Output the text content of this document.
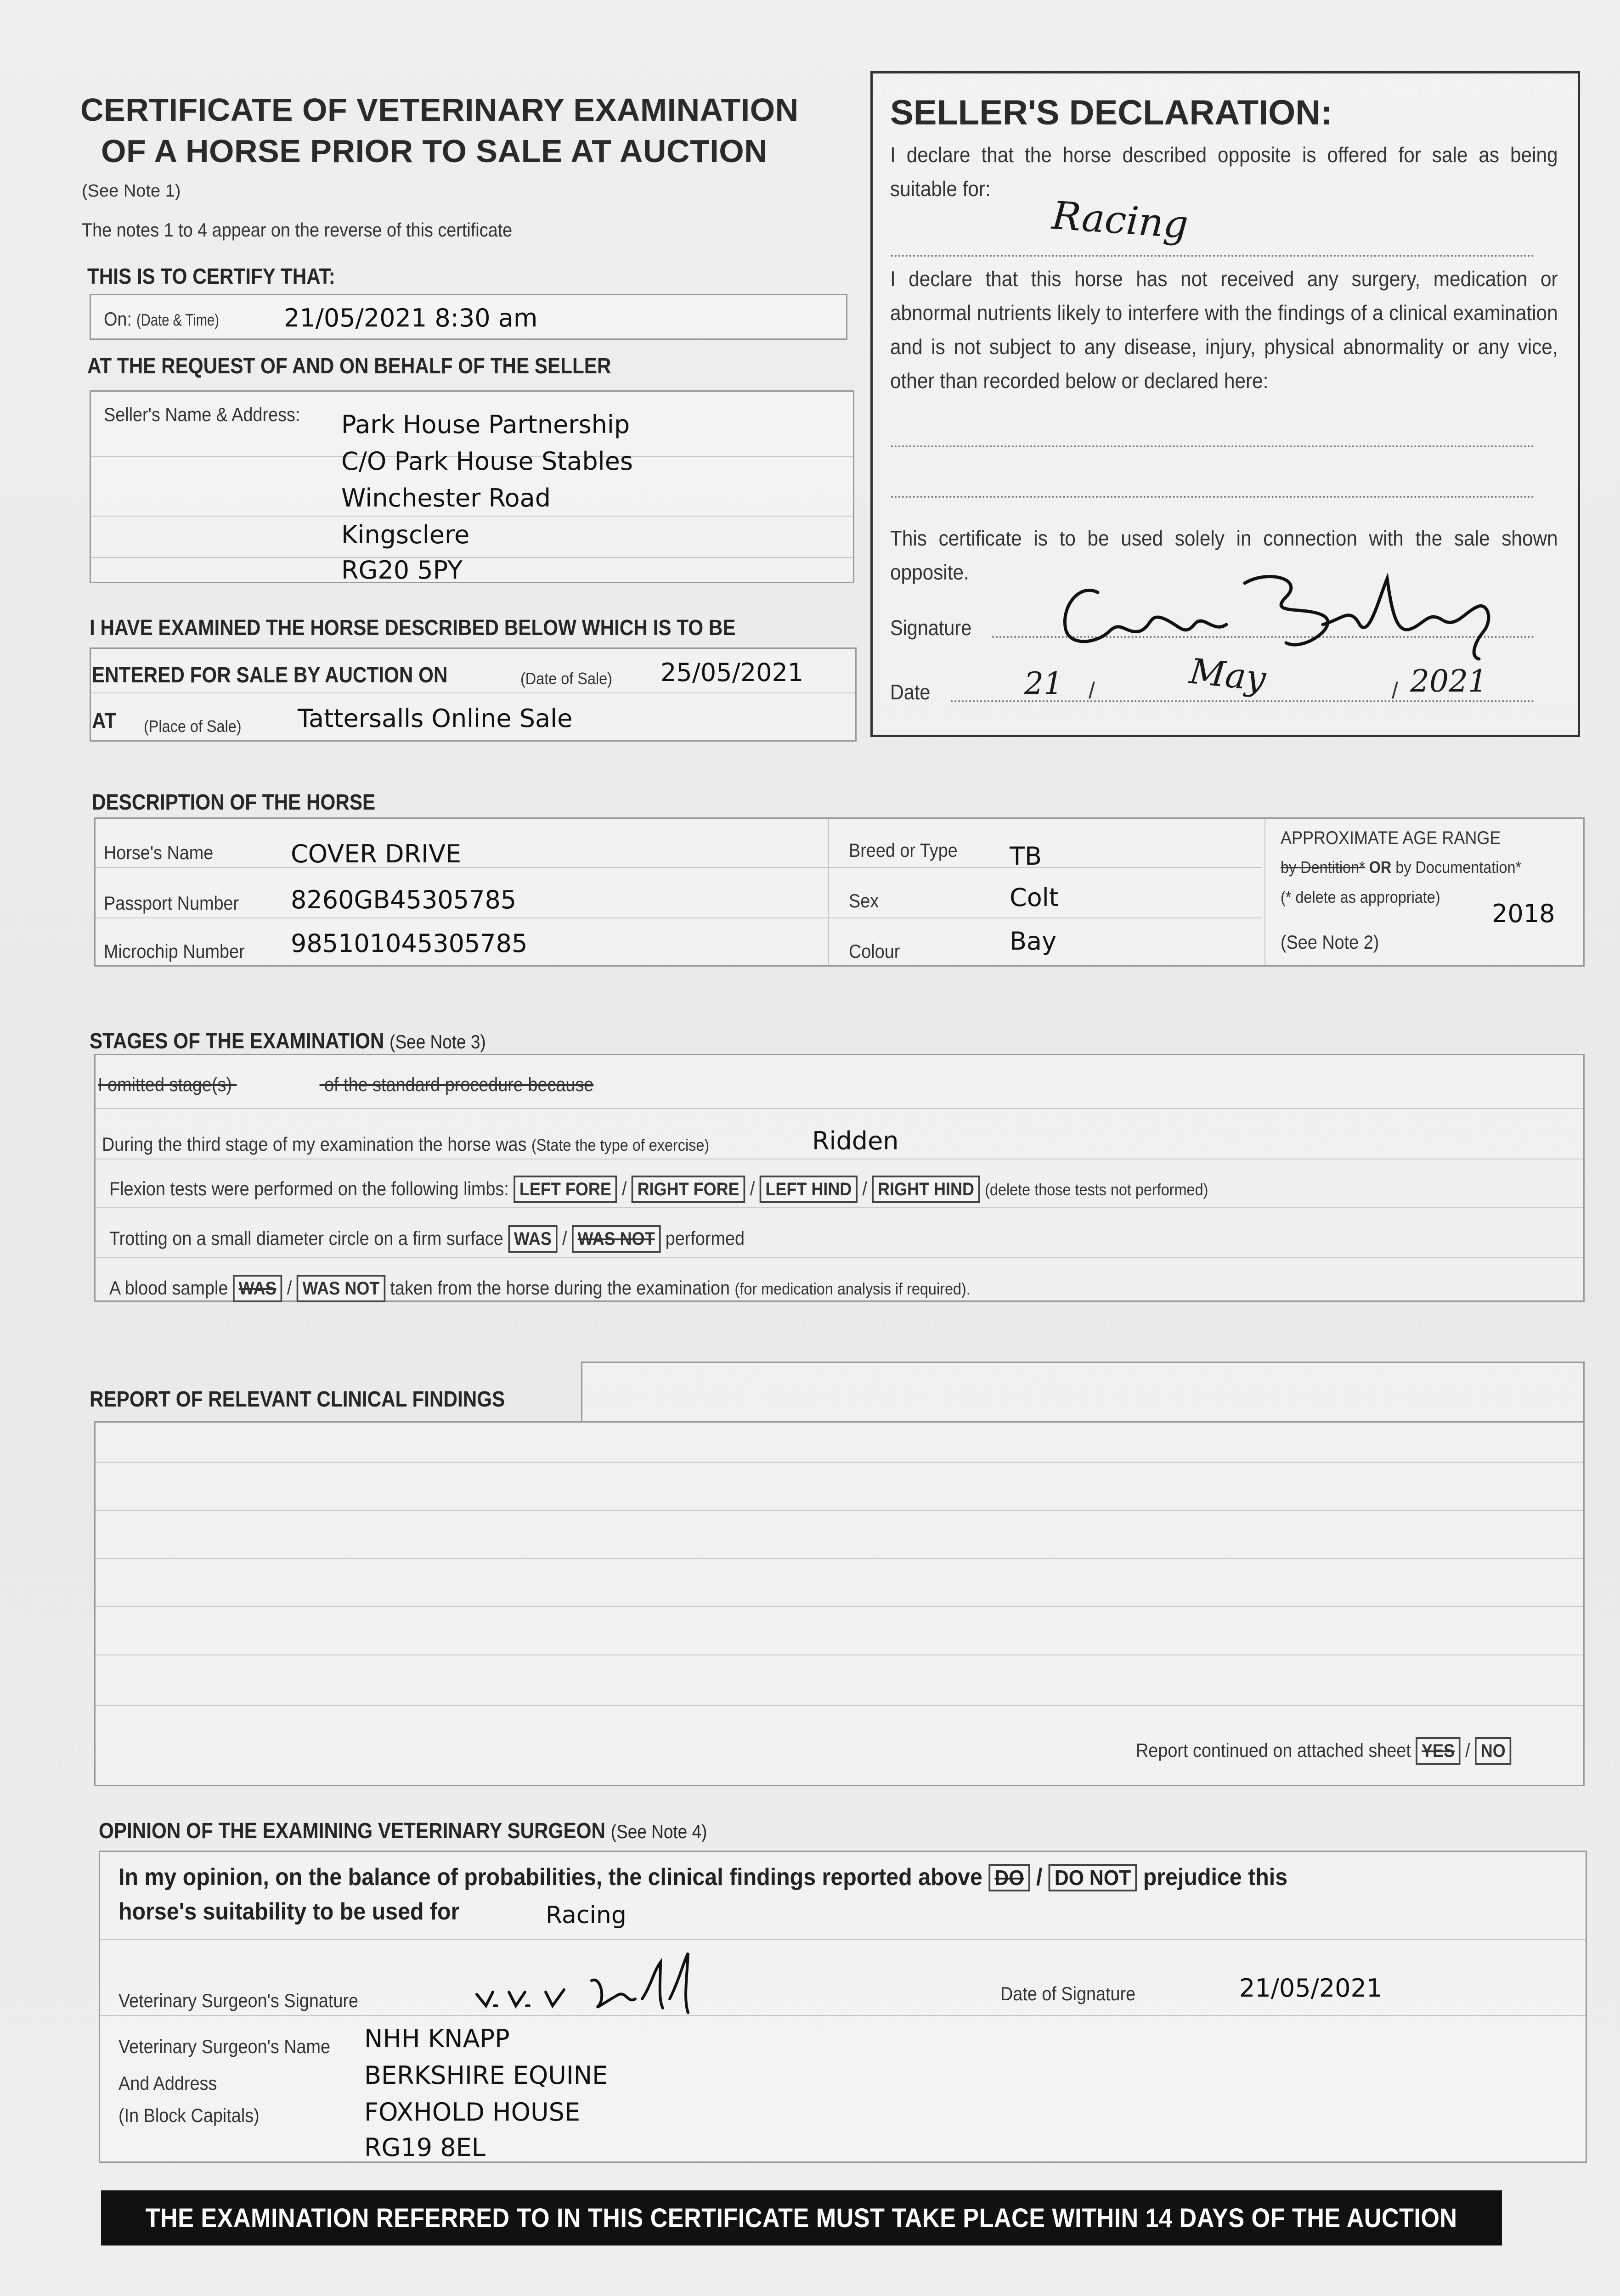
CERTIFICATE OF VETERINARY EXAMINATION
OF A HORSE PRIOR TO SALE AT AUCTION
(See Note 1)
The notes 1 to 4 appear on the reverse of this certificate
THIS IS TO CERTIFY THAT:
On: (Date & Time)	21/05/2021 8:30 am
AT THE REQUEST OF AND ON BEHALF OF THE SELLER
Seller's Name & Address: Park House Partnership
C/O Park House Stables
Winchester Road
Kingsclere
RG20 5PY
I HAVE EXAMINED THE HORSE DESCRIBED BELOW WHICH IS TO BE
ENTERED FOR SALE BY AUCTION ON	(Date of Sale) 25/05/2021
AT (Place of Sale) Tattersalls Online Sale
SELLER'S DECLARATION:
I declare that the horse described opposite is offered for sale as being suitable for:
Racing
I declare that this horse has not received any surgery, medication or abnormal nutrients likely to interfere with the findings of a clinical examination and is not subject to any disease, injury, physical abnormality or any vice, other than recorded below or declared here:
This certificate is to be used solely in connection with the sale shown opposite.
Signature
Date	21 /	May	/ 2021
DESCRIPTION OF THE HORSE
Horse's Name	COVER DRIVE
Passport Number 8260GB45305785
Microchip Number 985101045305785
Breed or Type TB
Sex	Colt
Colour	Bay
APPROXIMATE AGE RANGE
by Dentition* OR by Documentation*
(* delete as appropriate)
2018
(See Note 2)
STAGES OF THE EXAMINATION (See Note 3)
I omitted stage(s)	of the standard procedure because
During the third stage of my examination the horse was (State the type of exercise)	Ridden
Flexion tests were performed on the following limbs: LEFT FORE / RIGHT FORE / LEFT HIND / RIGHT HIND (delete those tests not performed)
Trotting on a small diameter circle on a firm surface WAS / WAS NOT performed
A blood sample WAS / WAS NOT taken from the horse during the examination (for medication analysis if required).
REPORT OF RELEVANT CLINICAL FINDINGS
Report continued on attached sheet YES / NO
OPINION OF THE EXAMINING VETERINARY SURGEON (See Note 4)
In my opinion, on the balance of probabilities, the clinical findings reported above DO / DO NOT prejudice this
horse's suitability to be used for	Racing
Veterinary Surgeon's Signature	Date of Signature	21/05/2021
Veterinary Surgeon's Name
And Address
(In Block Capitals)
NHH KNAPP
BERKSHIRE EQUINE
FOXHOLD HOUSE
RG19 8EL
THE EXAMINATION REFERRED TO IN THIS CERTIFICATE MUST TAKE PLACE WITHIN 14 DAYS OF THE AUCTION
